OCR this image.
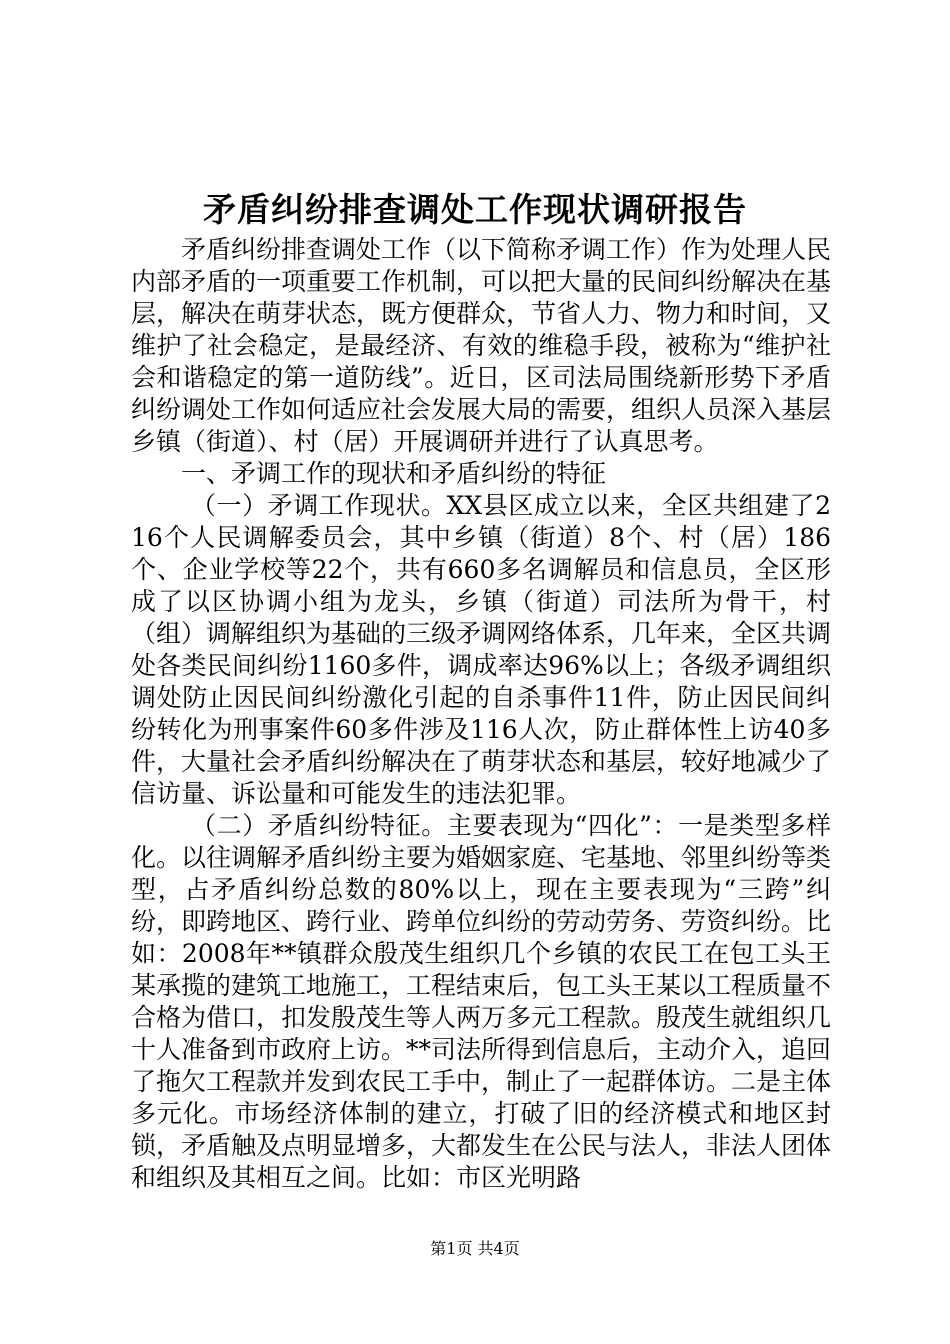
矛盾纠纷排查调处工作现状调研报告

矛盾纠纷排查调处工作（以下简称矛调工作）作为处理人民内部矛盾的一项重要工作机制，可以把大量的民间纠纷解决在基层，解决在萌芽状态，既方便群众，节省人力、物力和时间，又维护了社会稳定，是最经济、有效的维稳手段，被称为“维护社会和谐稳定的第一道防线”。近日，区司法局围绕新形势下矛盾纠纷调处工作如何适应社会发展大局的需要，组织人员深入基层乡镇（街道）、村（居）开展调研并进行了认真思考。

一、矛调工作的现状和矛盾纠纷的特征

（一）矛调工作现状。XX县区成立以来，全区共组建了216个人民调解委员会，其中乡镇（街道）8个、村（居）186个、企业学校等22个，共有660多名调解员和信息员，全区形成了以区协调小组为龙头，乡镇（街道）司法所为骨干，村（组）调解组织为基础的三级矛调网络体系，几年来，全区共调处各类民间纠纷1160多件，调成率达96%以上；各级矛调组织调处防止因民间纠纷激化引起的自杀事件11件，防止因民间纠纷转化为刑事案件60多件涉及116人次，防止群体性上访40多件，大量社会矛盾纠纷解决在了萌芽状态和基层，较好地减少了信访量、诉讼量和可能发生的违法犯罪。

（二）矛盾纠纷特征。主要表现为“四化”：一是类型多样化。以往调解矛盾纠纷主要为婚姻家庭、宅基地、邻里纠纷等类型，占矛盾纠纷总数的80%以上，现在主要表现为“三跨”纠纷，即跨地区、跨行业、跨单位纠纷的劳动劳务、劳资纠纷。比如：2008年**镇群众殷茂生组织几个乡镇的农民工在包工头王某承揽的建筑工地施工，工程结束后，包工头王某以工程质量不合格为借口，扣发殷茂生等人两万多元工程款。殷茂生就组织几十人准备到市政府上访。**司法所得到信息后，主动介入，追回了拖欠工程款并发到农民工手中，制止了一起群体访。二是主体多元化。市场经济体制的建立，打破了旧的经济模式和地区封锁，矛盾触及点明显增多，大都发生在公民与法人，非法人团体和组织及其相互之间。比如：市区光明路

第1页 共4页
